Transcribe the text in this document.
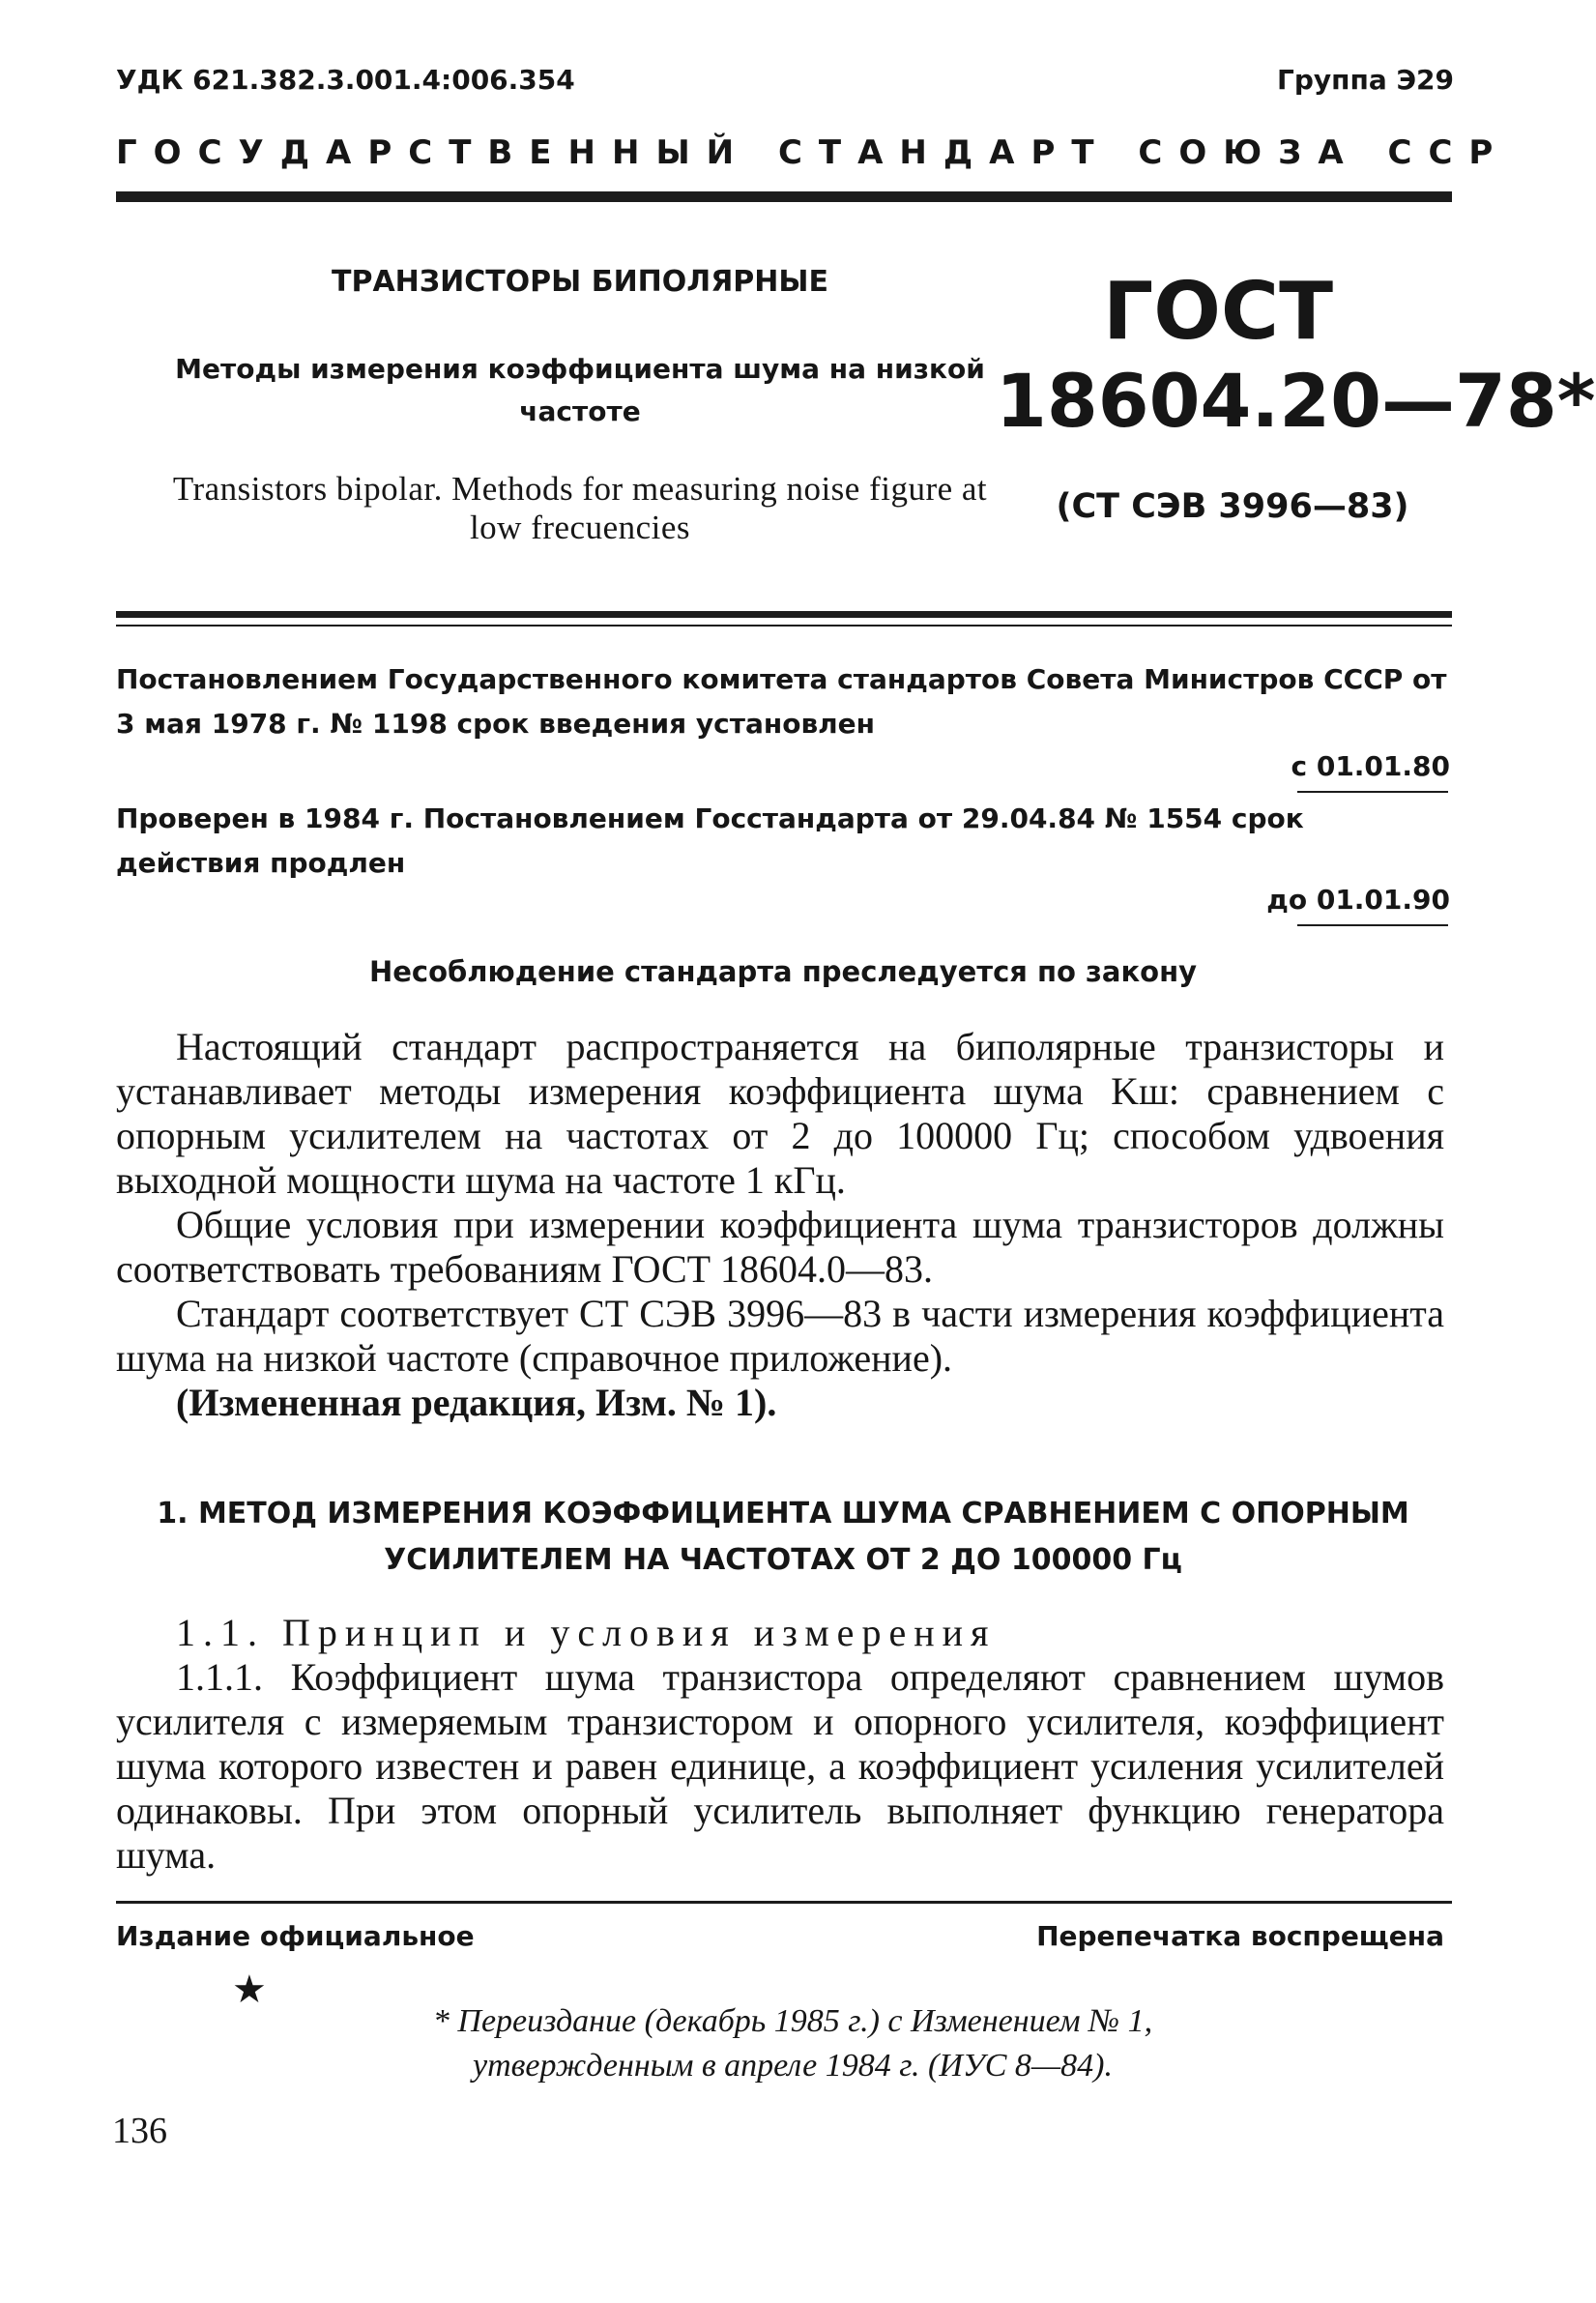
УДК 621.382.3.001.4:006.354	Группа Э29
ГОСУДАРСТВЕННЫЙ СТАНДАРТ СОЮЗА ССР
ТРАНЗИСТОРЫ БИПОЛЯРНЫЕ
Методы измерения коэффициента шума на низкой частоте
Transistors bipolar. Methods for measuring noise figure at low frecuencies
ГОСТ
18604.20—78*
(СТ СЭВ 3996—83)
Постановлением Государственного комитета стандартов Совета Министров СССР от 3 мая 1978 г. № 1198 срок введения установлен
с 01.01.80
Проверен в 1984 г. Постановлением Госстандарта от 29.04.84 № 1554 срок действия продлен
до 01.01.90
Несоблюдение стандарта преследуется по закону

Настоящий стандарт распространяется на биполярные транзисторы и устанавливает методы измерения коэффициента шума Kш: сравнением с опорным усилителем на частотах от 2 до 100000 Гц; способом удвоения выходной мощности шума на частоте 1 кГц.

Общие условия при измерении коэффициента шума транзисторов должны соответствовать требованиям ГОСТ 18604.0—83.

Стандарт соответствует СТ СЭВ 3996—83 в части измерения коэффициента шума на низкой частоте (справочное приложение).

(Измененная редакция, Изм. № 1).

1. МЕТОД ИЗМЕРЕНИЯ КОЭФФИЦИЕНТА ШУМА СРАВНЕНИЕМ С ОПОРНЫМ УСИЛИТЕЛЕМ НА ЧАСТОТАХ ОТ 2 ДО 100000 Гц

1.1. Принцип и условия измерения

1.1.1. Коэффициент шума транзистора определяют сравнением шумов усилителя с измеряемым транзистором и опорного усилителя, коэффициент шума которого известен и равен единице, а коэффициент усиления усилителей одинаковы. При этом опорный усилитель выполняет функцию генератора шума.

Издание официальное	Перепечатка воспрещена
★
* Переиздание (декабрь 1985 г.) с Изменением № 1, утвержденным в апреле 1984 г. (ИУС 8—84).
136
